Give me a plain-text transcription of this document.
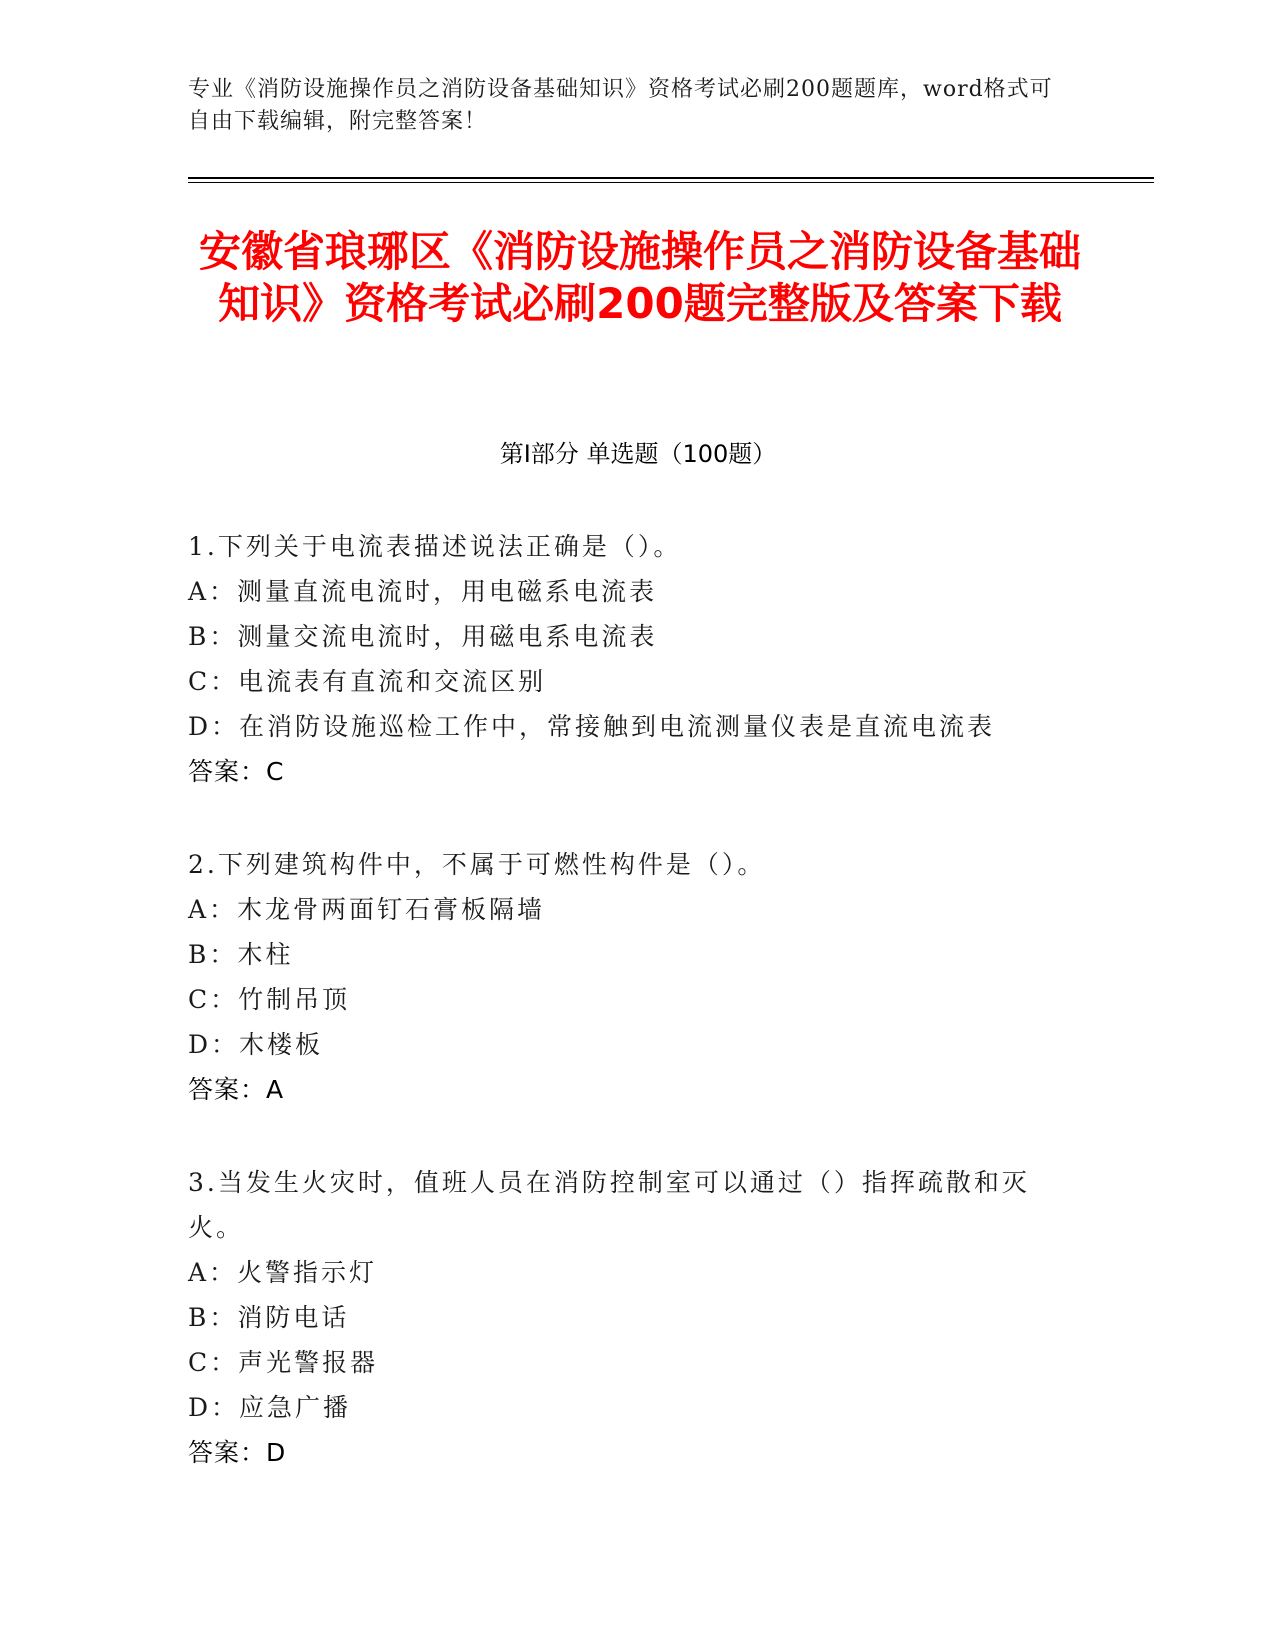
专业《消防设施操作员之消防设备基础知识》资格考试必刷200题题库，word格式可自由下载编辑，附完整答案！
安徽省琅琊区《消防设施操作员之消防设备基础知识》资格考试必刷200题完整版及答案下载
第Ⅰ部分 单选题（100题）
1.下列关于电流表描述说法正确是（）。
A：测量直流电流时，用电磁系电流表
B：测量交流电流时，用磁电系电流表
C：电流表有直流和交流区别
D：在消防设施巡检工作中，常接触到电流测量仪表是直流电流表
答案：C
2.下列建筑构件中，不属于可燃性构件是（）。
A：木龙骨两面钉石膏板隔墙
B：木柱
C：竹制吊顶
D：木楼板
答案：A
3.当发生火灾时，值班人员在消防控制室可以通过（）指挥疏散和灭火。
A：火警指示灯
B：消防电话
C：声光警报器
D：应急广播
答案：D
